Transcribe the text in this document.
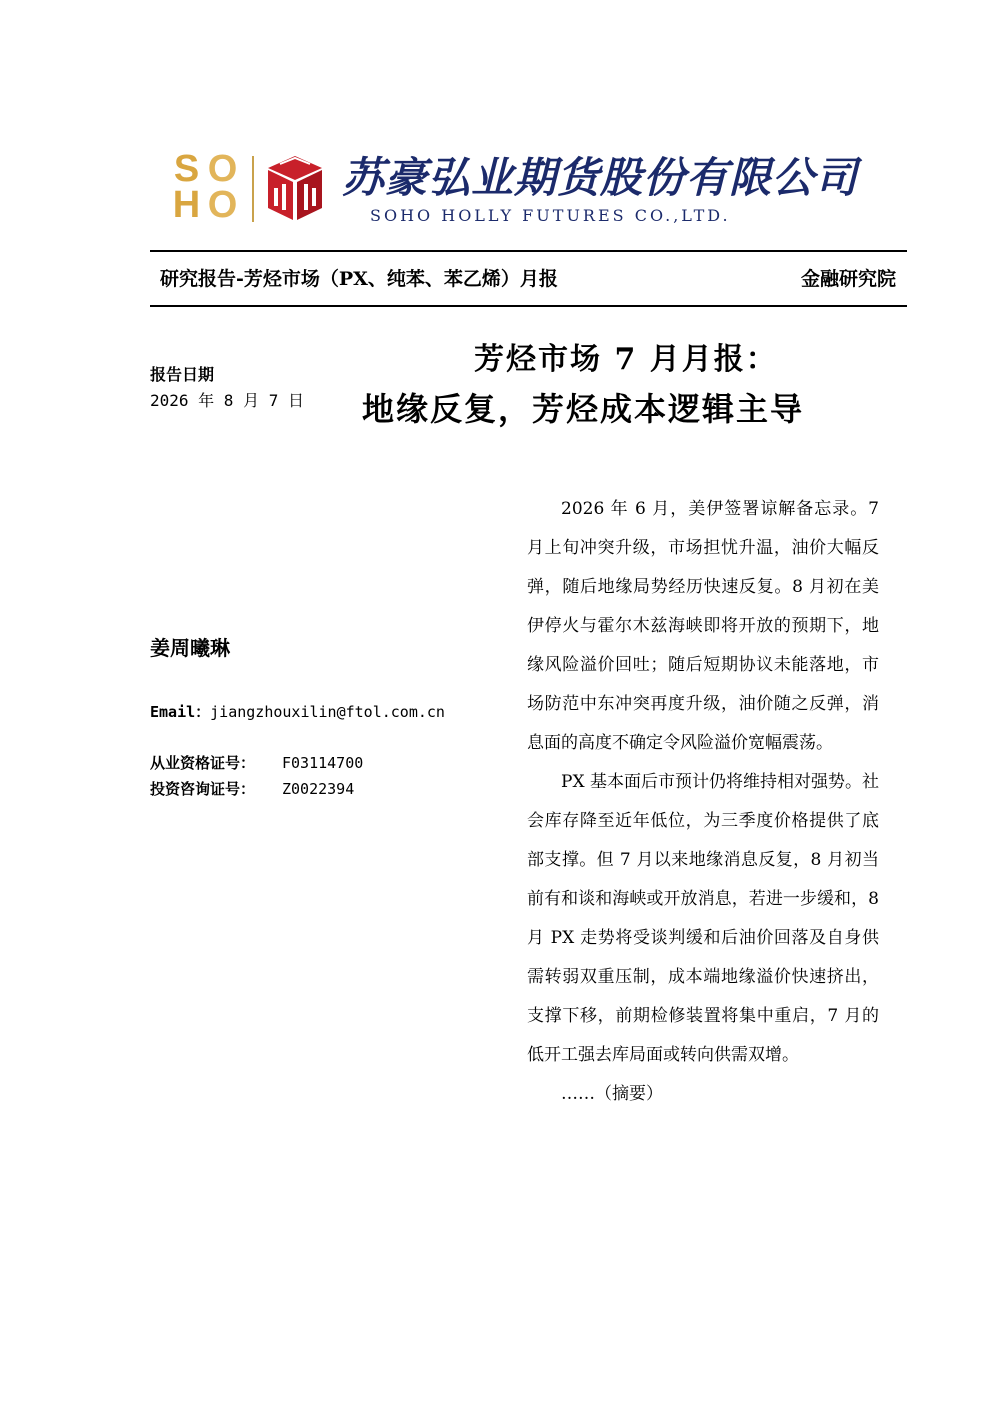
S O
H O
苏豪弘业期货股份有限公司
SOHO HOLLY FUTURES CO.,LTD.
研究报告-芳烃市场（PX、纯苯、苯乙烯）月报	金融研究院
芳烃市场 7 月月报：
地缘反复，芳烃成本逻辑主导
报告日期
2026 年 8 月 7 日
姜周曦琳
Email：jiangzhouxilin@ftol.com.cn
从业资格证号： F03114700
投资咨询证号： Z0022394

2026 年 6 月，美伊签署谅解备忘录。7 月上旬冲突升级，市场担忧升温，油价大幅反弹，随后地缘局势经历快速反复。8 月初在美伊停火与霍尔木兹海峡即将开放的预期下，地缘风险溢价回吐；随后短期协议未能落地，市场防范中东冲突再度升级，油价随之反弹，消息面的高度不确定令风险溢价宽幅震荡。

PX 基本面后市预计仍将维持相对强势。社会库存降至近年低位，为三季度价格提供了底部支撑。但 7 月以来地缘消息反复，8 月初当前有和谈和海峡或开放消息，若进一步缓和，8 月 PX 走势将受谈判缓和后油价回落及自身供需转弱双重压制，成本端地缘溢价快速挤出，支撑下移，前期检修装置将集中重启，7 月的低开工强去库局面或转向供需双增。

……（摘要）
